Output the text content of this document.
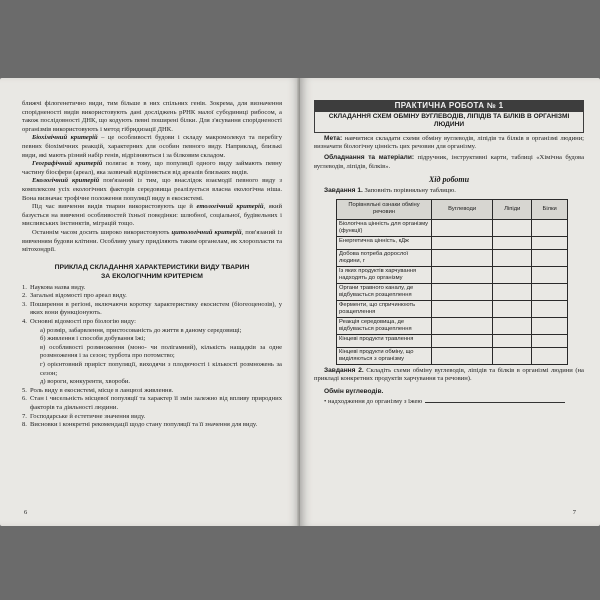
ближчі філогенетично види, тим більше в них спільних генів. Зокрема, для визначення спорідненості видів використовують дані досліджень рРНК малої субодиниці рибосом, а також послідовності ДНК, що кодують певні поширені білки. Для з'ясування спорідненості організмів використовують і метод гібридизації ДНК.

Біохімічний критерій – це особливості будови і складу макромолекул та перебігу певних біохімічних реакцій, характерних для особин певного виду. Наприклад, близькі види, які мають різний набір генів, відрізняються і за білковим складом.

Географічний критерій полягає в тому, що популяції одного виду займають певну частину біосфери (ареал), яка зазвичай відрізняється від ареалів близьких видів.

Екологічний критерій пов'язаний із тим, що внаслідок взаємодії певного виду з комплексом усіх екологічних факторів середовища реалізується власна екологічна ніша. Вона визначає трофічне положення популяції виду в екосистемі.

Під час вивчення видів тварин використовують ще й етологічний критерій, який базується на вивченні особливостей їхньої поведінки: шлюбної, соціальної, будівельних і мисливських інстинктів, міграцій тощо.

Останнім часом досить широко використовують цитологічний критерій, пов'язаний із вивченням будови клітини. Особливу увагу приділяють таким органелам, як хлоропласти та мітохондрії.

ПРИКЛАД СКЛАДАННЯ ХАРАКТЕРИСТИКИ ВИДУ ТВАРИН
ЗА ЕКОЛОГІЧНИМ КРИТЕРІЄМ
1. Наукова назва виду.
2. Загальні відомості про ареал виду.
3. Поширення в регіоні, включаючи коротку характеристику екосистем (біогеоценозів), у яких вони функціонують.
4. Основні відомості про біологію виду:
а) розмір, забарвлення, пристосованість до життя в даному середовищі;
б) живлення і способи добування їжі;
в) особливості розмноження (моно- чи полігамний), кількість нащадків за одне розмноження і за сезон; турбота про потомство;
г) орієнтовний приріст популяції, виходячи з плодючості і кількості розмножень за сезон;
д) вороги, конкуренти, хвороби.
5. Роль виду в екосистемі, місце в ланцюзі живлення.
6. Стан і чисельність місцевої популяції та характер її змін залежно від впливу природних факторів та діяльності людини.
7. Господарське й естетичне значення виду.
8. Висновки і конкретні рекомендації щодо стану популяції та її значення для виду.
6
ПРАКТИЧНА РОБОТА № 1
СКЛАДАННЯ СХЕМ ОБМІНУ ВУГЛЕВОДІВ, ЛІПІДІВ ТА БІЛКІВ В ОРГАНІЗМІ ЛЮДИНИ

Мета: навчитися складати схеми обміну вуглеводів, ліпідів та білків в організмі людини; визначати біологічну цінність цих речовин для організму.

Обладнання та матеріали: підручник, інструктивні карти, таблиці «Хімічна будова вуглеводів, ліпідів, білків».

Хід роботи

Завдання 1. Заповніть порівняльну таблицю.

Порівняльні ознаки обміну речовин	Вуглеводи	Ліпіди	Білки
Біологічна цінність для організму (функції)			
Енергетична цінність, кДж			
Добова потреба дорослої людини, г			
Із яких продуктів харчування надходять до організму			
Органи травного каналу, де відбувається розщеплення			
Ферменти, що спричинюють розщеплення			
Реакція середовища, де відбувається розщеплення			
Кінцеві продукти травлення			
Кінцеві продукти обміну, що виділяються з організму			

Завдання 2. Складіть схеми обміну вуглеводів, ліпідів та білків в організмі людини (на прикладі конкретних продуктів харчування та речовин).

Обмін вуглеводів.
• надходження до організму з їжею
7
